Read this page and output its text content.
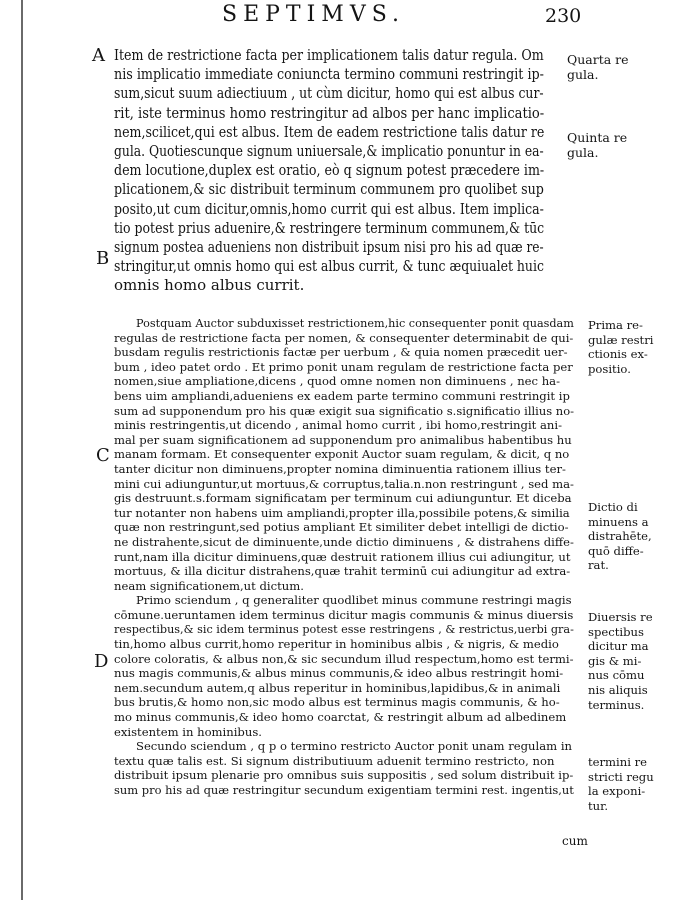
SEPTIMVS.	230
A
B
C
D
Item de restrictione facta per implicationem talis datur regula. Om
nis implicatio immediate coniuncta termino communi restringit ip-
sum,sicut suum adiectiuum , ut cùm dicitur, homo qui est albus cur-
rit, iste terminus homo restringitur ad albos per hanc implicatio-
nem,scilicet,qui est albus. Item de eadem restrictione talis datur re
gula. Quotiescunque signum uniuersale,& implicatio ponuntur in ea-
dem locutione,duplex est oratio, eò q signum potest præcedere im-
plicationem,& sic distribuit terminum communem pro quolibet sup
posito,ut cum dicitur,omnis,homo currit qui est albus. Item implica-
tio potest prius aduenire,& restringere terminum communem,& tūc
signum postea adueniens non distribuit ipsum nisi pro his ad quæ re-
stringitur,ut omnis homo qui est albus currit, & tunc æquiualet huic
omnis homo albus currit.
Quarta re
gula.
Quinta re
gula.
Postquam Auctor subduxisset restrictionem,hic consequenter ponit quasdam
regulas de restrictione facta per nomen, & consequenter determinabit de qui-
busdam regulis restrictionis factæ per uerbum , & quia nomen præcedit uer-
bum , ideo patet ordo . Et primo ponit unam regulam de restrictione facta per
nomen,siue ampliatione,dicens , quod omne nomen non diminuens , nec ha-
bens uim ampliandi,adueniens ex eadem parte termino communi restringit ip
sum ad supponendum pro his quæ exigit sua significatio s.significatio illius no-
minis restringentis,ut dicendo , animal homo currit , ibi homo,restringit ani-
mal per suam significationem ad supponendum pro animalibus habentibus hu
manam formam. Et consequenter exponit Auctor suam regulam, & dicit, q no
tanter dicitur non diminuens,propter nomina diminuentia rationem illius ter-
mini cui adiunguntur,ut mortuus,& corruptus,talia.n.non restringunt , sed ma-
gis destruunt.s.formam significatam per terminum cui adiunguntur. Et diceba
tur notanter non habens uim ampliandi,propter illa,possibile potens,& similia
quæ non restringunt,sed potius ampliant Et similiter debet intelligi de dictio-
ne distrahente,sicut de diminuente,unde dictio diminuens , & distrahens diffe-
runt,nam illa dicitur diminuens,quæ destruit rationem illius cui adiungitur, ut
mortuus, & illa dicitur distrahens,quæ trahit terminū cui adiungitur ad extra-
neam significationem,ut dictum.
Primo sciendum , q generaliter quodlibet minus commune restringi magis
cōmune.ueruntamen idem terminus dicitur magis communis & minus diuersis
respectibus,& sic idem terminus potest esse restringens , & restrictus,uerbi gra-
tin,homo albus currit,homo reperitur in hominibus albis , & nigris, & medio
colore coloratis, & albus non,& sic secundum illud respectum,homo est termi-
nus magis communis,& albus minus communis,& ideo albus restringit homi-
nem.secundum autem,q albus reperitur in hominibus,lapidibus,& in animali
bus brutis,& homo non,sic modo albus est terminus magis communis, & ho-
mo minus communis,& ideo homo coarctat, & restringit album ad albedinem
existentem in hominibus.
Secundo sciendum , q p o termino restricto Auctor ponit unam regulam in
textu quæ talis est. Si signum distributiuum aduenit termino restricto, non
distribuit ipsum plenarie pro omnibus suis suppositis , sed solum distribuit ip-
sum pro his ad quæ restringitur secundum exigentiam termini rest. ingentis,ut
Prima re-
gulæ restri
ctionis ex-
positio.
Dictio di
minuens a
distrahēte,
quō diffe-
rat.
Diuersis re
spectibus
dicitur ma
gis & mi-
nus cōmu
nis aliquis
terminus.
termini re
stricti regu
la exponi-
tur.
cum
